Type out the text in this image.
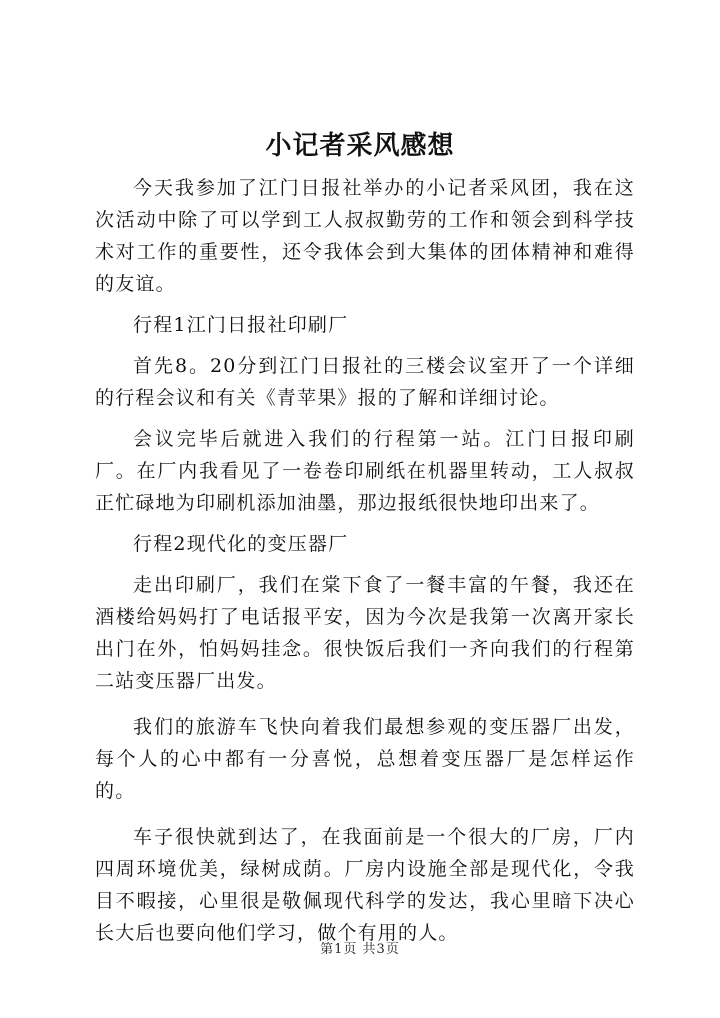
小记者采风感想

今天我参加了江门日报社举办的小记者采风团，我在这次活动中除了可以学到工人叔叔勤劳的工作和领会到科学技术对工作的重要性，还令我体会到大集体的团体精神和难得的友谊。

行程1江门日报社印刷厂

首先8。20分到江门日报社的三楼会议室开了一个详细的行程会议和有关《青苹果》报的了解和详细讨论。

会议完毕后就进入我们的行程第一站。江门日报印刷厂。在厂内我看见了一卷卷印刷纸在机器里转动，工人叔叔正忙碌地为印刷机添加油墨，那边报纸很快地印出来了。

行程2现代化的变压器厂

走出印刷厂，我们在棠下食了一餐丰富的午餐，我还在酒楼给妈妈打了电话报平安，因为今次是我第一次离开家长出门在外，怕妈妈挂念。很快饭后我们一齐向我们的行程第二站变压器厂出发。

我们的旅游车飞快向着我们最想参观的变压器厂出发，每个人的心中都有一分喜悦，总想着变压器厂是怎样运作的。

车子很快就到达了，在我面前是一个很大的厂房，厂内四周环境优美，绿树成荫。厂房内设施全部是现代化，令我目不暇接，心里很是敬佩现代科学的发达，我心里暗下决心长大后也要向他们学习，做个有用的人。

第1页 共3页
